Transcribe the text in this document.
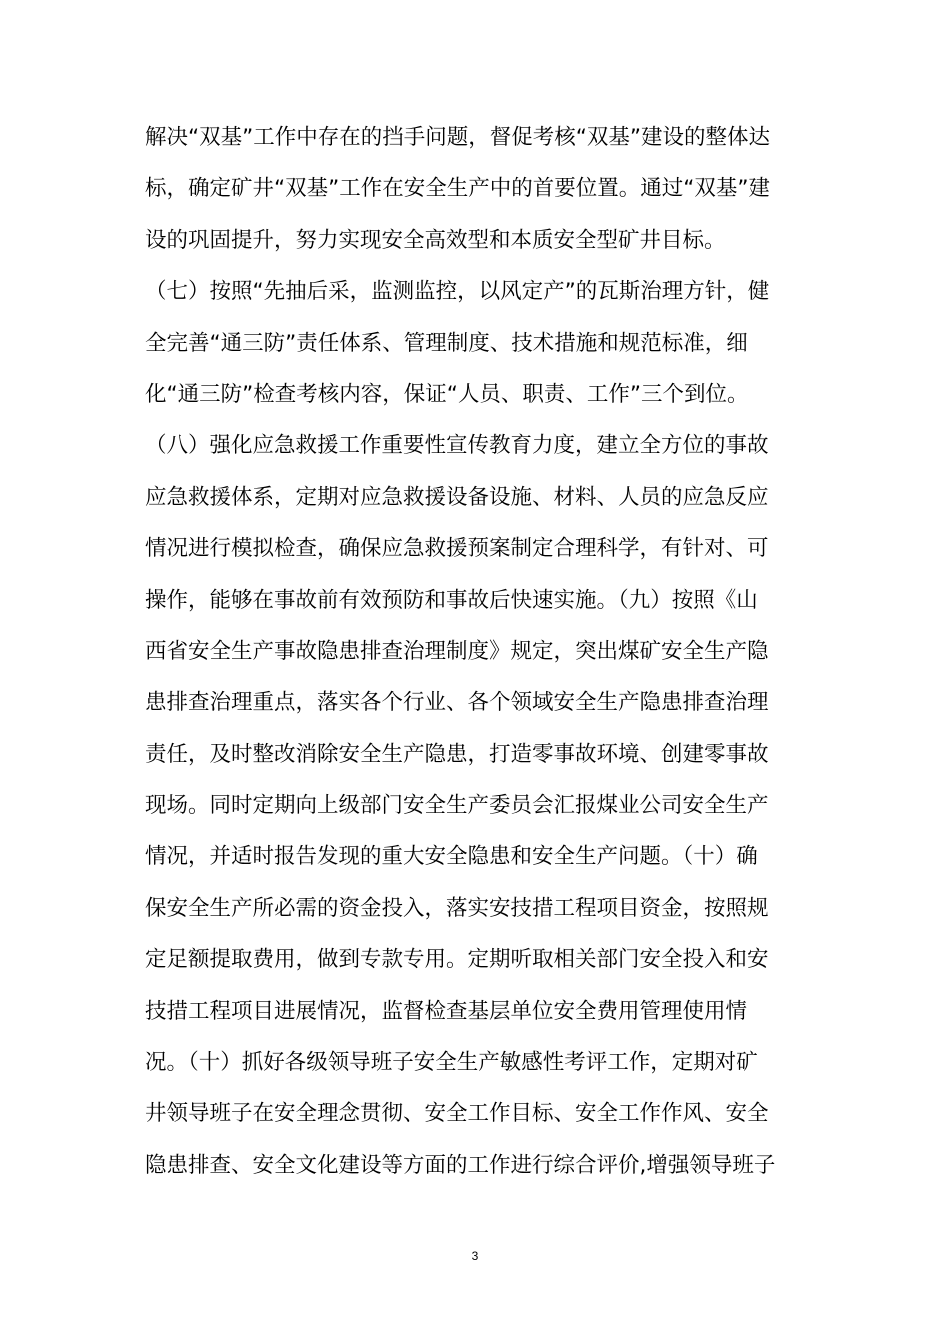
解决“双基”工作中存在的挡手问题，督促考核“双基”建设的整体达
标，确定矿井“双基”工作在安全生产中的首要位置。通过“双基”建
设的巩固提升，努力实现安全高效型和本质安全型矿井目标。
（七）按照“先抽后采，监测监控，以风定产”的瓦斯治理方针，健
全完善“通三防”责任体系、管理制度、技术措施和规范标准，细
化“通三防”检查考核内容，保证“人员、职责、工作”三个到位。
（八）强化应急救援工作重要性宣传教育力度，建立全方位的事故
应急救援体系，定期对应急救援设备设施、材料、人员的应急反应
情况进行模拟检查，确保应急救援预案制定合理科学，有针对、可
操作，能够在事故前有效预防和事故后快速实施。（九）按照《山
西省安全生产事故隐患排查治理制度》规定，突出煤矿安全生产隐
患排查治理重点，落实各个行业、各个领域安全生产隐患排查治理
责任，及时整改消除安全生产隐患，打造零事故环境、创建零事故
现场。同时定期向上级部门安全生产委员会汇报煤业公司安全生产
情况，并适时报告发现的重大安全隐患和安全生产问题。（十）确
保安全生产所必需的资金投入，落实安技措工程项目资金，按照规
定足额提取费用，做到专款专用。定期听取相关部门安全投入和安
技措工程项目进展情况，监督检查基层单位安全费用管理使用情
况。（十）抓好各级领导班子安全生产敏感性考评工作，定期对矿
井领导班子在安全理念贯彻、安全工作目标、安全工作作风、安全
隐患排查、安全文化建设等方面的工作进行综合评价,增强领导班子
3
